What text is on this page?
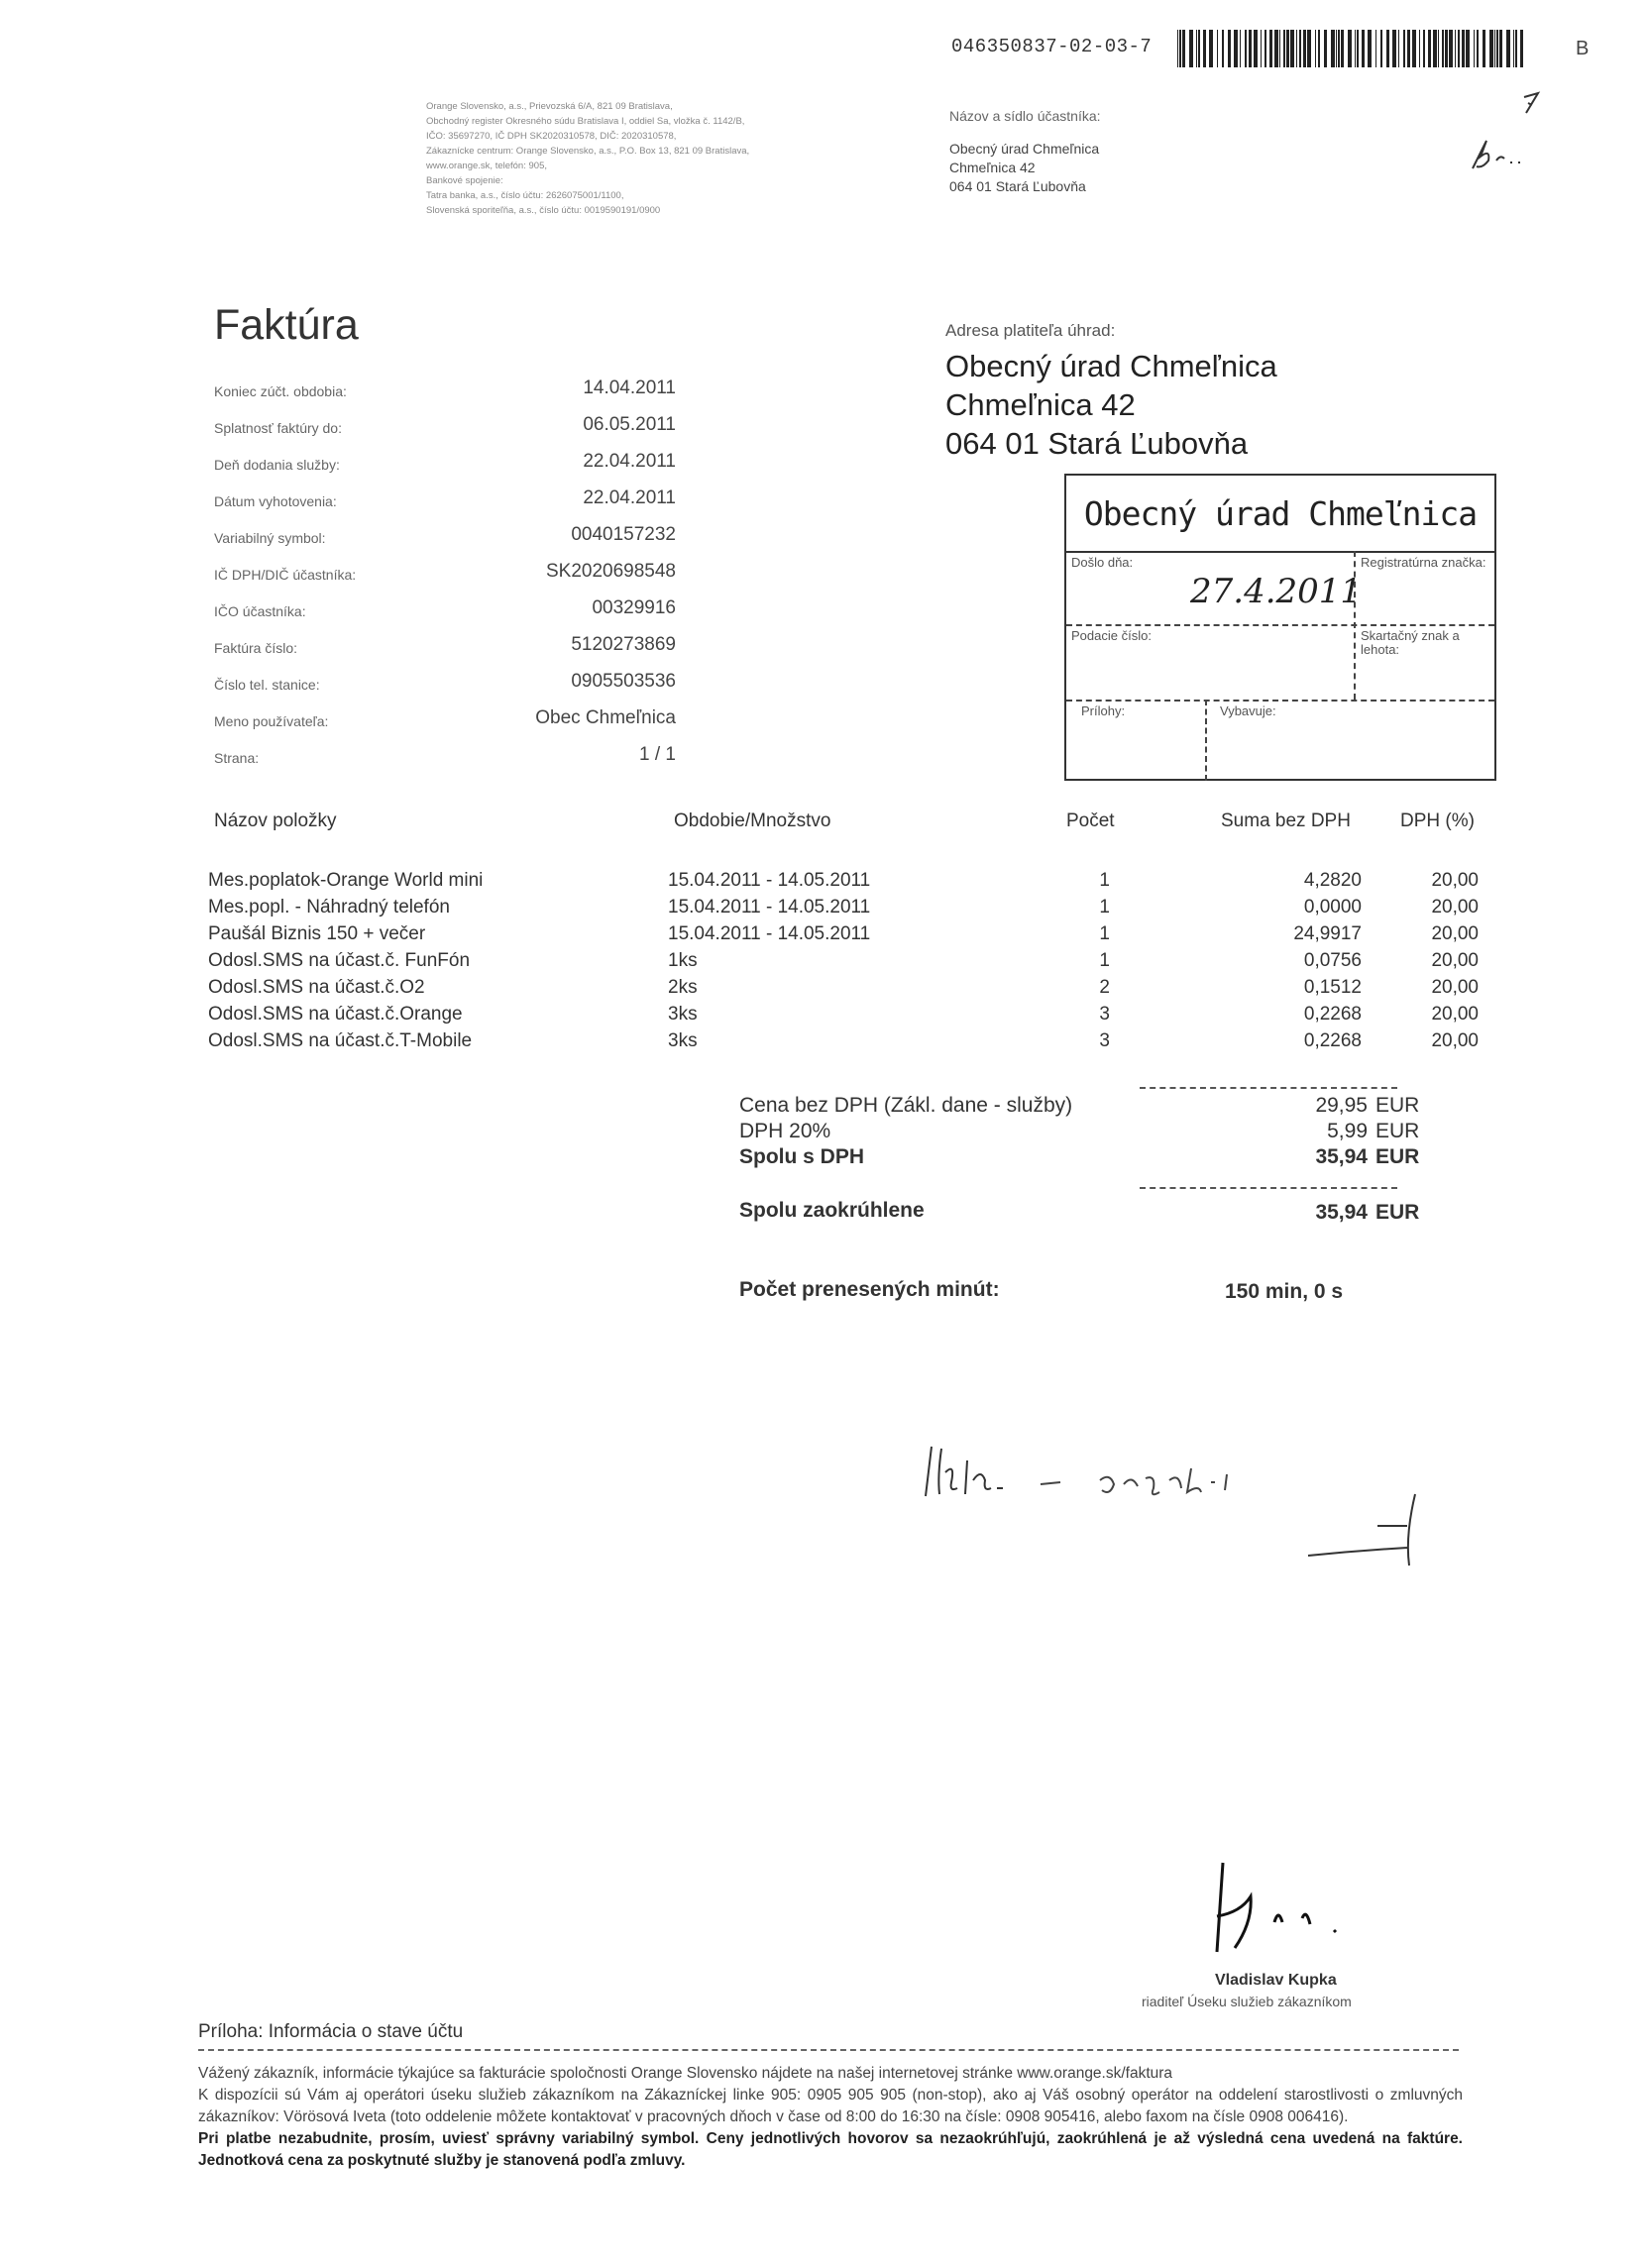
046350837-02-03-7	B
Orange Slovensko, a.s., Prievozská 6/A, 821 09 Bratislava,
Obchodný register Okresného súdu Bratislava I, oddiel Sa, vložka č. 1142/B,
IČO: 35697270, IČ DPH SK2020310578, DIČ: 2020310578,
Zákaznícke centrum: Orange Slovensko, a.s., P.O. Box 13, 821 09 Bratislava,
www.orange.sk, telefón: 905,
Bankové spojenie:
Tatra banka, a.s., číslo účtu: 2626075001/1100,
Slovenská sporiteľňa, a.s., číslo účtu: 0019590191/0900
Názov a sídlo účastníka:
Obecný úrad Chmeľnica
Chmeľnica 42
064 01 Stará Ľubovňa
Faktúra
Koniec zúčt. obdobia:	14.04.2011
Splatnosť faktúry do:	06.05.2011
Deň dodania služby:	22.04.2011
Dátum vyhotovenia:	22.04.2011
Variabilný symbol:	0040157232
IČ DPH/DIČ účastníka:	SK2020698548
IČO účastníka:	00329916
Faktúra číslo:	5120273869
Číslo tel. stanice:	0905503536
Meno používateľa:	Obec Chmeľnica
Strana:	1 / 1
Adresa platiteľa úhrad:
Obecný úrad Chmeľnica
Chmeľnica 42
064 01 Stará Ľubovňa
Obecný úrad Chmeľnica
Došlo dňa:
27.4.2011
Registratúrna značka:
Podacie číslo:	Skartačný znak a lehota:
Prílohy:	Vybavuje:
Názov položky	Obdobie/Množstvo	Počet	Suma bez DPH	DPH (%)
Mes.poplatok-Orange World mini	15.04.2011 - 14.05.2011	1	4,2820	20,00
Mes.popl. - Náhradný telefón	15.04.2011 - 14.05.2011	1	0,0000	20,00
Paušál Biznis 150 + večer	15.04.2011 - 14.05.2011	1	24,9917	20,00
Odosl.SMS na účast.č. FunFón	1ks	1	0,0756	20,00
Odosl.SMS na účast.č.O2	2ks	2	0,1512	20,00
Odosl.SMS na účast.č.Orange	3ks	3	0,2268	20,00
Odosl.SMS na účast.č.T-Mobile	3ks	3	0,2268	20,00
Cena bez DPH (Zákl. dane - služby)	29,95 EUR
DPH 20%	5,99 EUR
Spolu s DPH	35,94 EUR
Spolu zaokrúhlene	35,94 EUR
Počet prenesených minút:	150 min, 0 s
Vladislav Kupka
riaditeľ Úseku služieb zákazníkom
Príloha: Informácia o stave účtu
Vážený zákazník, informácie týkajúce sa fakturácie spoločnosti Orange Slovensko nájdete na našej internetovej stránke www.orange.sk/faktura
K dispozícii sú Vám aj operátori úseku služieb zákazníkom na Zákazníckej linke 905: 0905 905 905 (non-stop), ako aj Váš osobný operátor na oddelení starostlivosti o zmluvných zákazníkov: Vörösová Iveta (toto oddelenie môžete kontaktovať v pracovných dňoch v čase od 8:00 do 16:30 na čísle: 0908 905416, alebo faxom na čísle 0908 006416).
Pri platbe nezabudnite, prosím, uviesť správny variabilný symbol. Ceny jednotlivých hovorov sa nezaokrúhľujú, zaokrúhlená je až výsledná cena uvedená na faktúre. Jednotková cena za poskytnuté služby je stanovená podľa zmluvy.
